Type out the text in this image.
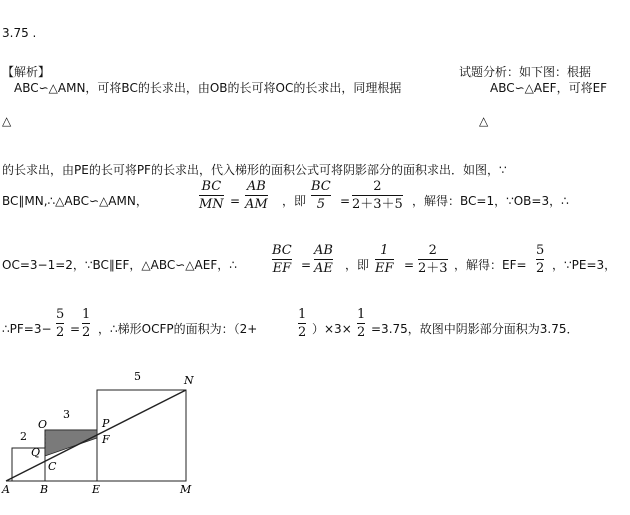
3.75 .
【解析】	试题分析：如下图：根据
ABC∽△AMN，可将BC的长求出，由OB的长可将OC的长求出，同理根据	ABC∽△AEF，可将EF
△	△
的长求出，由PE的长可将PF的长求出，代入梯形的面积公式可将阴影部分的面积求出．如图，∵
BC∥MN,∴△ABC∽△AMN，
BC
MN =
AB
AM ，即
BC
5 =
2
2＋3＋5 ，解得：BC=1，∵OB=3，∴
OC=3−1=2，∵BC∥EF，△ABC∽△AEF，∴
BC
EF =
AB
AE ，即
1
EF =
2
2＋3 ，解得：EF=
5
2 ，∵PE=3，
∴PF=3−
5
2 =
1
2 ，∴梯形OCFP的面积为：（2+
1
2 ）×3×
1
2 =3.75，故图中阴影部分面积为3.75．
5
3
2
N
O	P
F
Q
C
A	B	E	M
